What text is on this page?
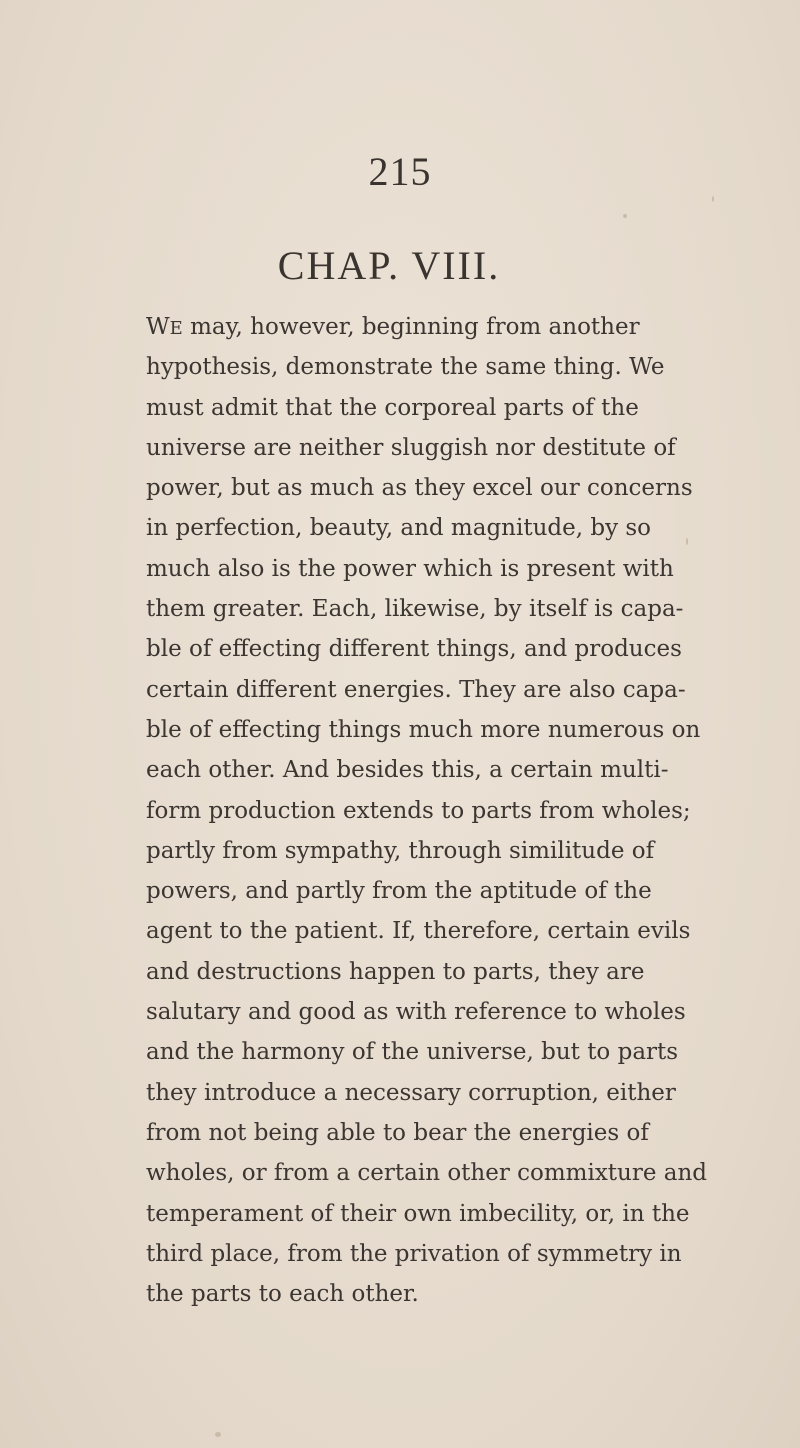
215
CHAP. VIII.
WE may, however, beginning from another
hypothesis, demonstrate the same thing. We
must admit that the corporeal parts of the
universe are neither sluggish nor destitute of
power, but as much as they excel our concerns
in perfection, beauty, and magnitude, by so
much also is the power which is present with
them greater. Each, likewise, by itself is capa-
ble of effecting different things, and produces
certain different energies. They are also capa-
ble of effecting things much more numerous on
each other. And besides this, a certain multi-
form production extends to parts from wholes;
partly from sympathy, through similitude of
powers, and partly from the aptitude of the
agent to the patient. If, therefore, certain evils
and destructions happen to parts, they are
salutary and good as with reference to wholes
and the harmony of the universe, but to parts
they introduce a necessary corruption, either
from not being able to bear the energies of
wholes, or from a certain other commixture and
temperament of their own imbecility, or, in the
third place, from the privation of symmetry in
the parts to each other.
